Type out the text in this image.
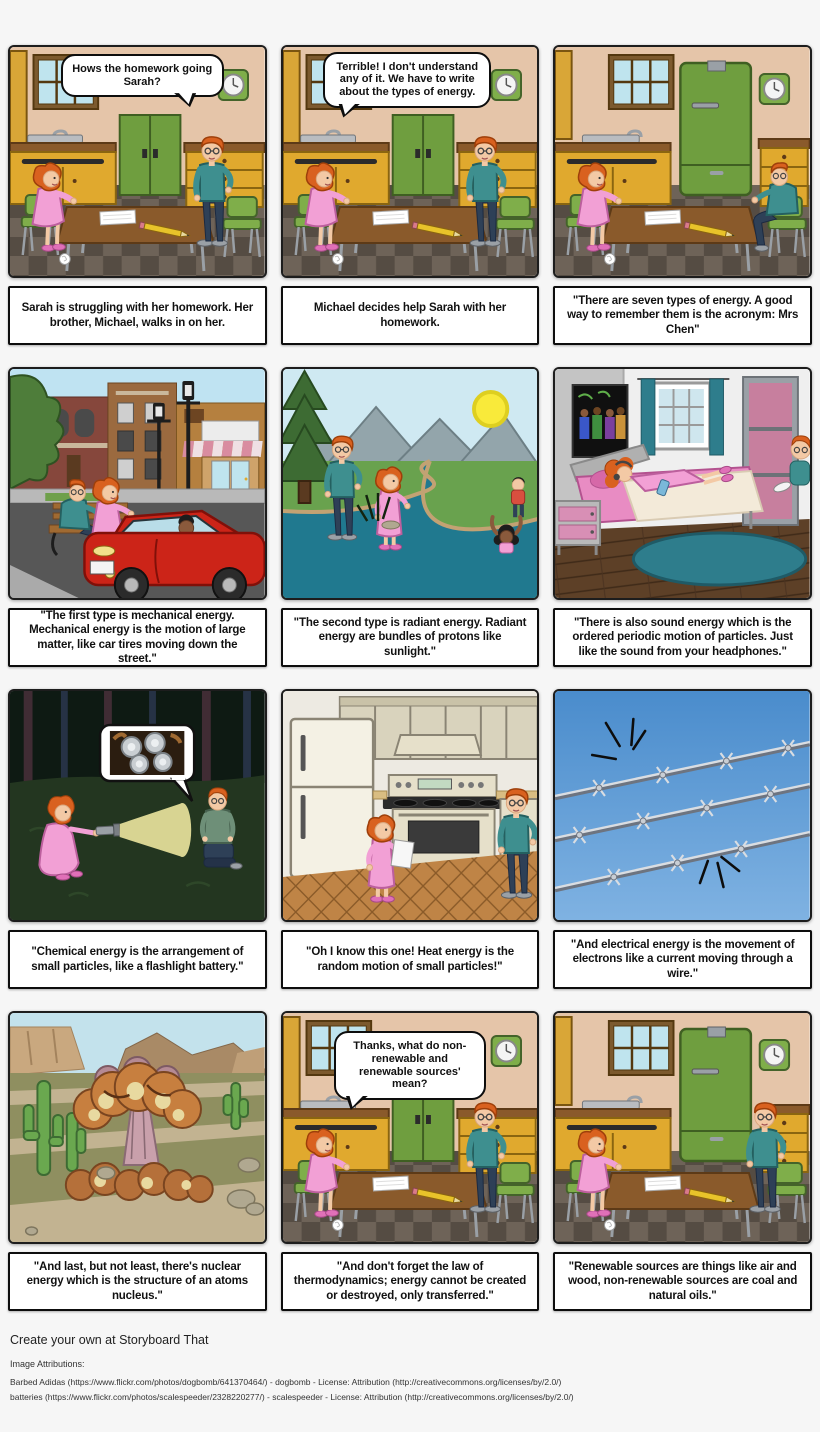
Hows the homework going Sarah?
Sarah is struggling with her homework. Her brother, Michael, walks in on her.
Terrible! I don't understand any of it. We have to write about the types of energy.
Michael decides help Sarah with her homework.
"There are seven types of energy. A good way to remember them is the acronym: Mrs Chen"
"The first type is mechanical energy. Mechanical energy is the motion of large matter, like car tires moving down the street."
"The second type is radiant energy. Radiant energy are bundles of protons like sunlight."
"There is also sound energy which is the ordered periodic motion of particles. Just like the sound from your headphones."
"Chemical energy is the arrangement of small particles, like a flashlight battery."
"Oh I know this one! Heat energy is the random motion of small particles!"
"And electrical energy is the movement of electrons like a current moving through a wire."
"And last, but not least, there's nuclear energy which is the structure of an atoms nucleus."
Thanks, what do non-renewable and renewable sources' mean?
"And don't forget the law of thermodynamics; energy cannot be created or destroyed, only transferred."
"Renewable sources are things like air and wood, non-renewable sources are coal and natural oils."
Create your own at Storyboard That
Image Attributions:
Barbed Adidas (https://www.flickr.com/photos/dogbomb/641370464/) - dogbomb - License: Attribution (http://creativecommons.org/licenses/by/2.0/)
batteries (https://www.flickr.com/photos/scalespeeder/2328220277/) - scalespeeder - License: Attribution (http://creativecommons.org/licenses/by/2.0/)
